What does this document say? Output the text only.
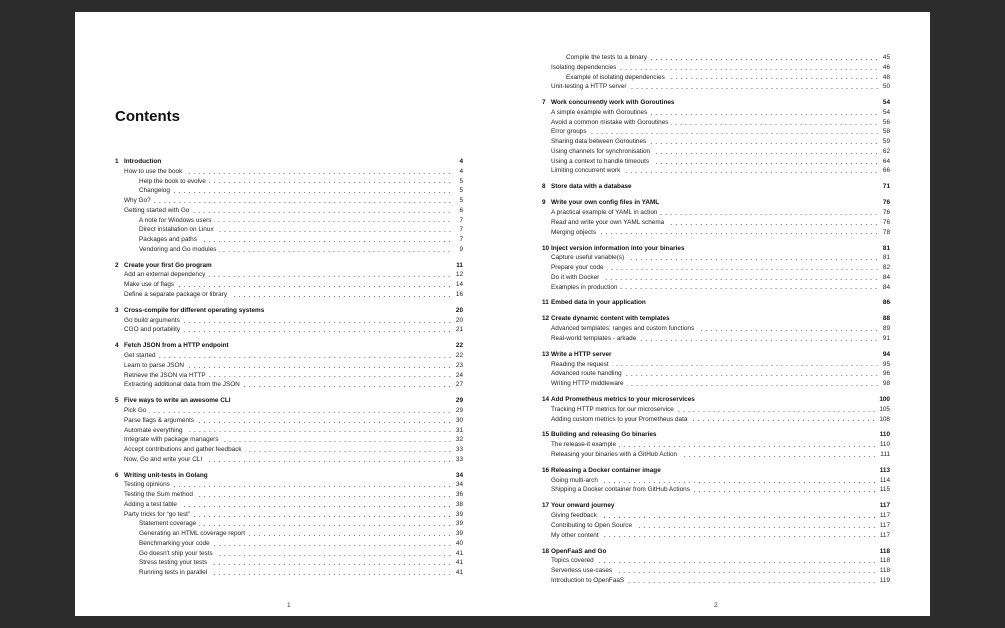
Contents
1 Introduction	4
How to use the book	4
Help the book to evolve	5
Changelog	5
Why Go?	5
Getting started with Go	6
A note for Windows users	7
Direct installation on Linux	7
Packages and paths	7
Vendoring and Go modules	9
2 Create your first Go program	11
Add an external dependency	12
Make use of flags	14
Define a separate package or library	16
3 Cross-compile for different operating systems	20
Go build arguments	20
CGO and portability	21
4 Fetch JSON from a HTTP endpoint	22
Get started	22
Learn to parse JSON	23
Retrieve the JSON via HTTP	24
Extracting additional data from the JSON	27
5 Five ways to write an awesome CLI	29
Pick Go	29
Parse flags & arguments	30
Automate everything	31
Integrate with package managers	32
Accept contributions and gather feedback	33
Now, Go and write your CLI	33
6 Writing unit-tests in Golang	34
Testing opinions	34
Testing the Sum method	36
Adding a test table	38
Party tricks for “go test”	39
Statement coverage	39
Generating an HTML coverage report	39
Benchmarking your code	40
Go doesn't ship your tests	41
Stress testing your tests	41
Running tests in parallel	41
1
Compile the tests to a binary	45
Isolating dependencies	46
Example of isolating dependencies	48
Unit-testing a HTTP server	50
7 Work concurrently work with Goroutines	54
A simple example with Goroutines	54
Avoid a common mistake with Goroutines	56
Error groups	58
Sharing data between Goroutines	59
Using channels for synchronisation	62
Using a context to handle timeouts	64
Limiting concurrent work	66
8 Store data with a database	71
9 Write your own config files in YAML	76
A practical example of YAML in action	76
Read and write your own YAML schema	76
Merging objects	78
10 Inject version information into your binaries	81
Capture useful variable(s)	81
Prepare your code	82
Do it with Docker	84
Examples in production	84
11 Embed data in your application	86
12 Create dynamic content with templates	88
Advanced templates: ranges and custom functions	89
Real-world templates - arkade	91
13 Write a HTTP server	94
Reading the request	95
Advanced route handling	96
Writing HTTP middleware	98
14 Add Prometheus metrics to your microservices	100
Tracking HTTP metrics for our microservice	105
Adding custom metrics to your Prometheus data	108
15 Building and releasing Go binaries	110
The release-it example	110
Releasing your binaries with a GitHub Action	111
16 Releasing a Docker container image	113
Going multi-arch	114
Shipping a Docker container from GitHub Actions	115
17 Your onward journey	117
Giving feedback	117
Contributing to Open Source	117
My other content	117
18 OpenFaaS and Go	118
Topics covered	118
Serverless use-cases	118
Introduction to OpenFaaS	119
2
